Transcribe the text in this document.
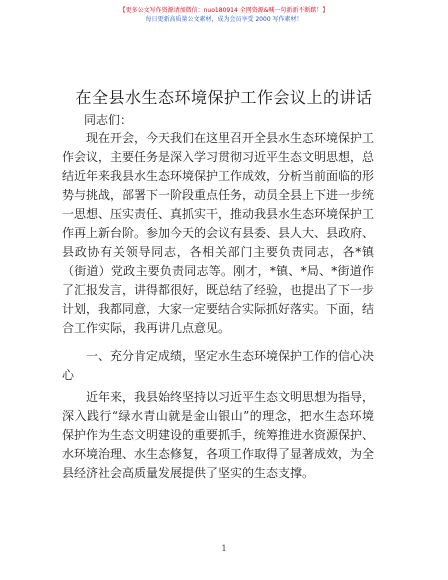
【更多公文写作资源请加微信：nuo180914 全网资源&喊一句新新不断踮！】
每日更新高质量公文素材，成为会员享受 2000 写作素材！
在全县水生态环境保护工作会议上的讲话
同志们：

现在开会，今天我们在这里召开全县水生态环境保护工作会议，主要任务是深入学习贯彻习近平生态文明思想，总结近年来我县水生态环境保护工作成效，分析当前面临的形势与挑战，部署下一阶段重点任务，动员全县上下进一步统一思想、压实责任、真抓实干，推动我县水生态环境保护工作再上新台阶。参加今天的会议有县委、县人大、县政府、县政协有关领导同志，各相关部门主要负责同志，各*镇（街道）党政主要负责同志等。刚才，*镇、*局、*街道作了汇报发言，讲得都很好，既总结了经验，也提出了下一步计划，我都同意，大家一定要结合实际抓好落实。下面，结合工作实际，我再讲几点意见。

一、充分肯定成绩，坚定水生态环境保护工作的信心决心

近年来，我县始终坚持以习近平生态文明思想为指导，深入践行“绿水青山就是金山银山”的理念，把水生态环境保护作为生态文明建设的重要抓手，统筹推进水资源保护、水环境治理、水生态修复，各项工作取得了显著成效，为全县经济社会高质量发展提供了坚实的生态支撑。

1
